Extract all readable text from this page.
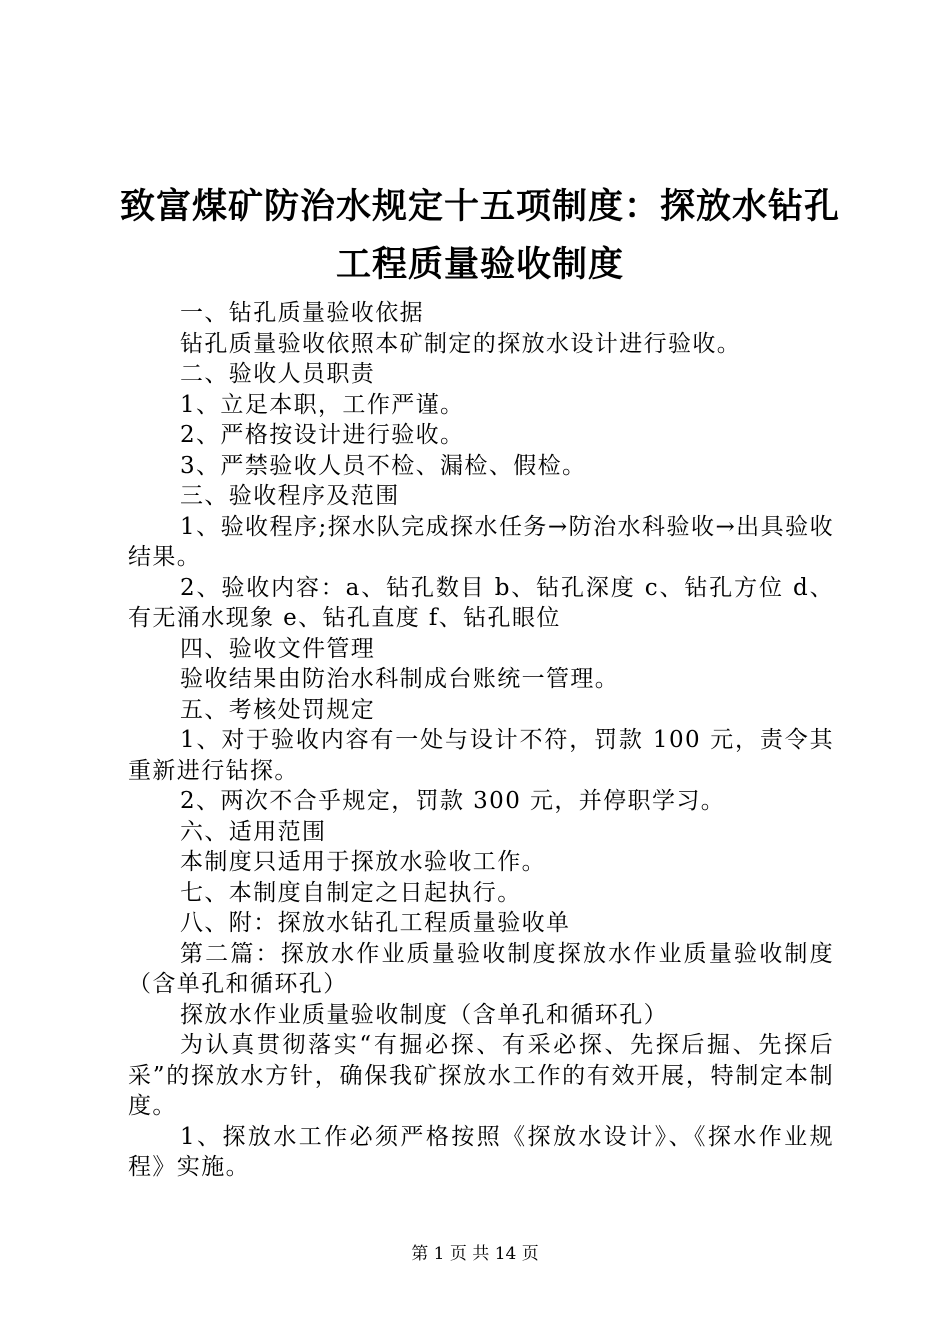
致富煤矿防治水规定十五项制度：探放水钻孔
工程质量验收制度

一、钻孔质量验收依据

钻孔质量验收依照本矿制定的探放水设计进行验收。

二、验收人员职责

1、立足本职，工作严谨。

2、严格按设计进行验收。

3、严禁验收人员不检、漏检、假检。

三、验收程序及范围

1、验收程序;探水队完成探水任务→防治水科验收→出具验收结果。

2、验收内容：a、钻孔数目 b、钻孔深度 c、钻孔方位 d、有无涌水现象 e、钻孔直度 f、钻孔眼位

四、验收文件管理

验收结果由防治水科制成台账统一管理。

五、考核处罚规定

1、对于验收内容有一处与设计不符，罚款 100 元，责令其重新进行钻探。

2、两次不合乎规定，罚款 300 元，并停职学习。

六、适用范围

本制度只适用于探放水验收工作。

七、本制度自制定之日起执行。

八、附：探放水钻孔工程质量验收单

第二篇：探放水作业质量验收制度探放水作业质量验收制度（含单孔和循环孔）

探放水作业质量验收制度（含单孔和循环孔）

为认真贯彻落实“有掘必探、有采必探、先探后掘、先探后采”的探放水方针，确保我矿探放水工作的有效开展，特制定本制度。

1、探放水工作必须严格按照《探放水设计》、《探水作业规程》实施。

第 1 页 共 14 页
